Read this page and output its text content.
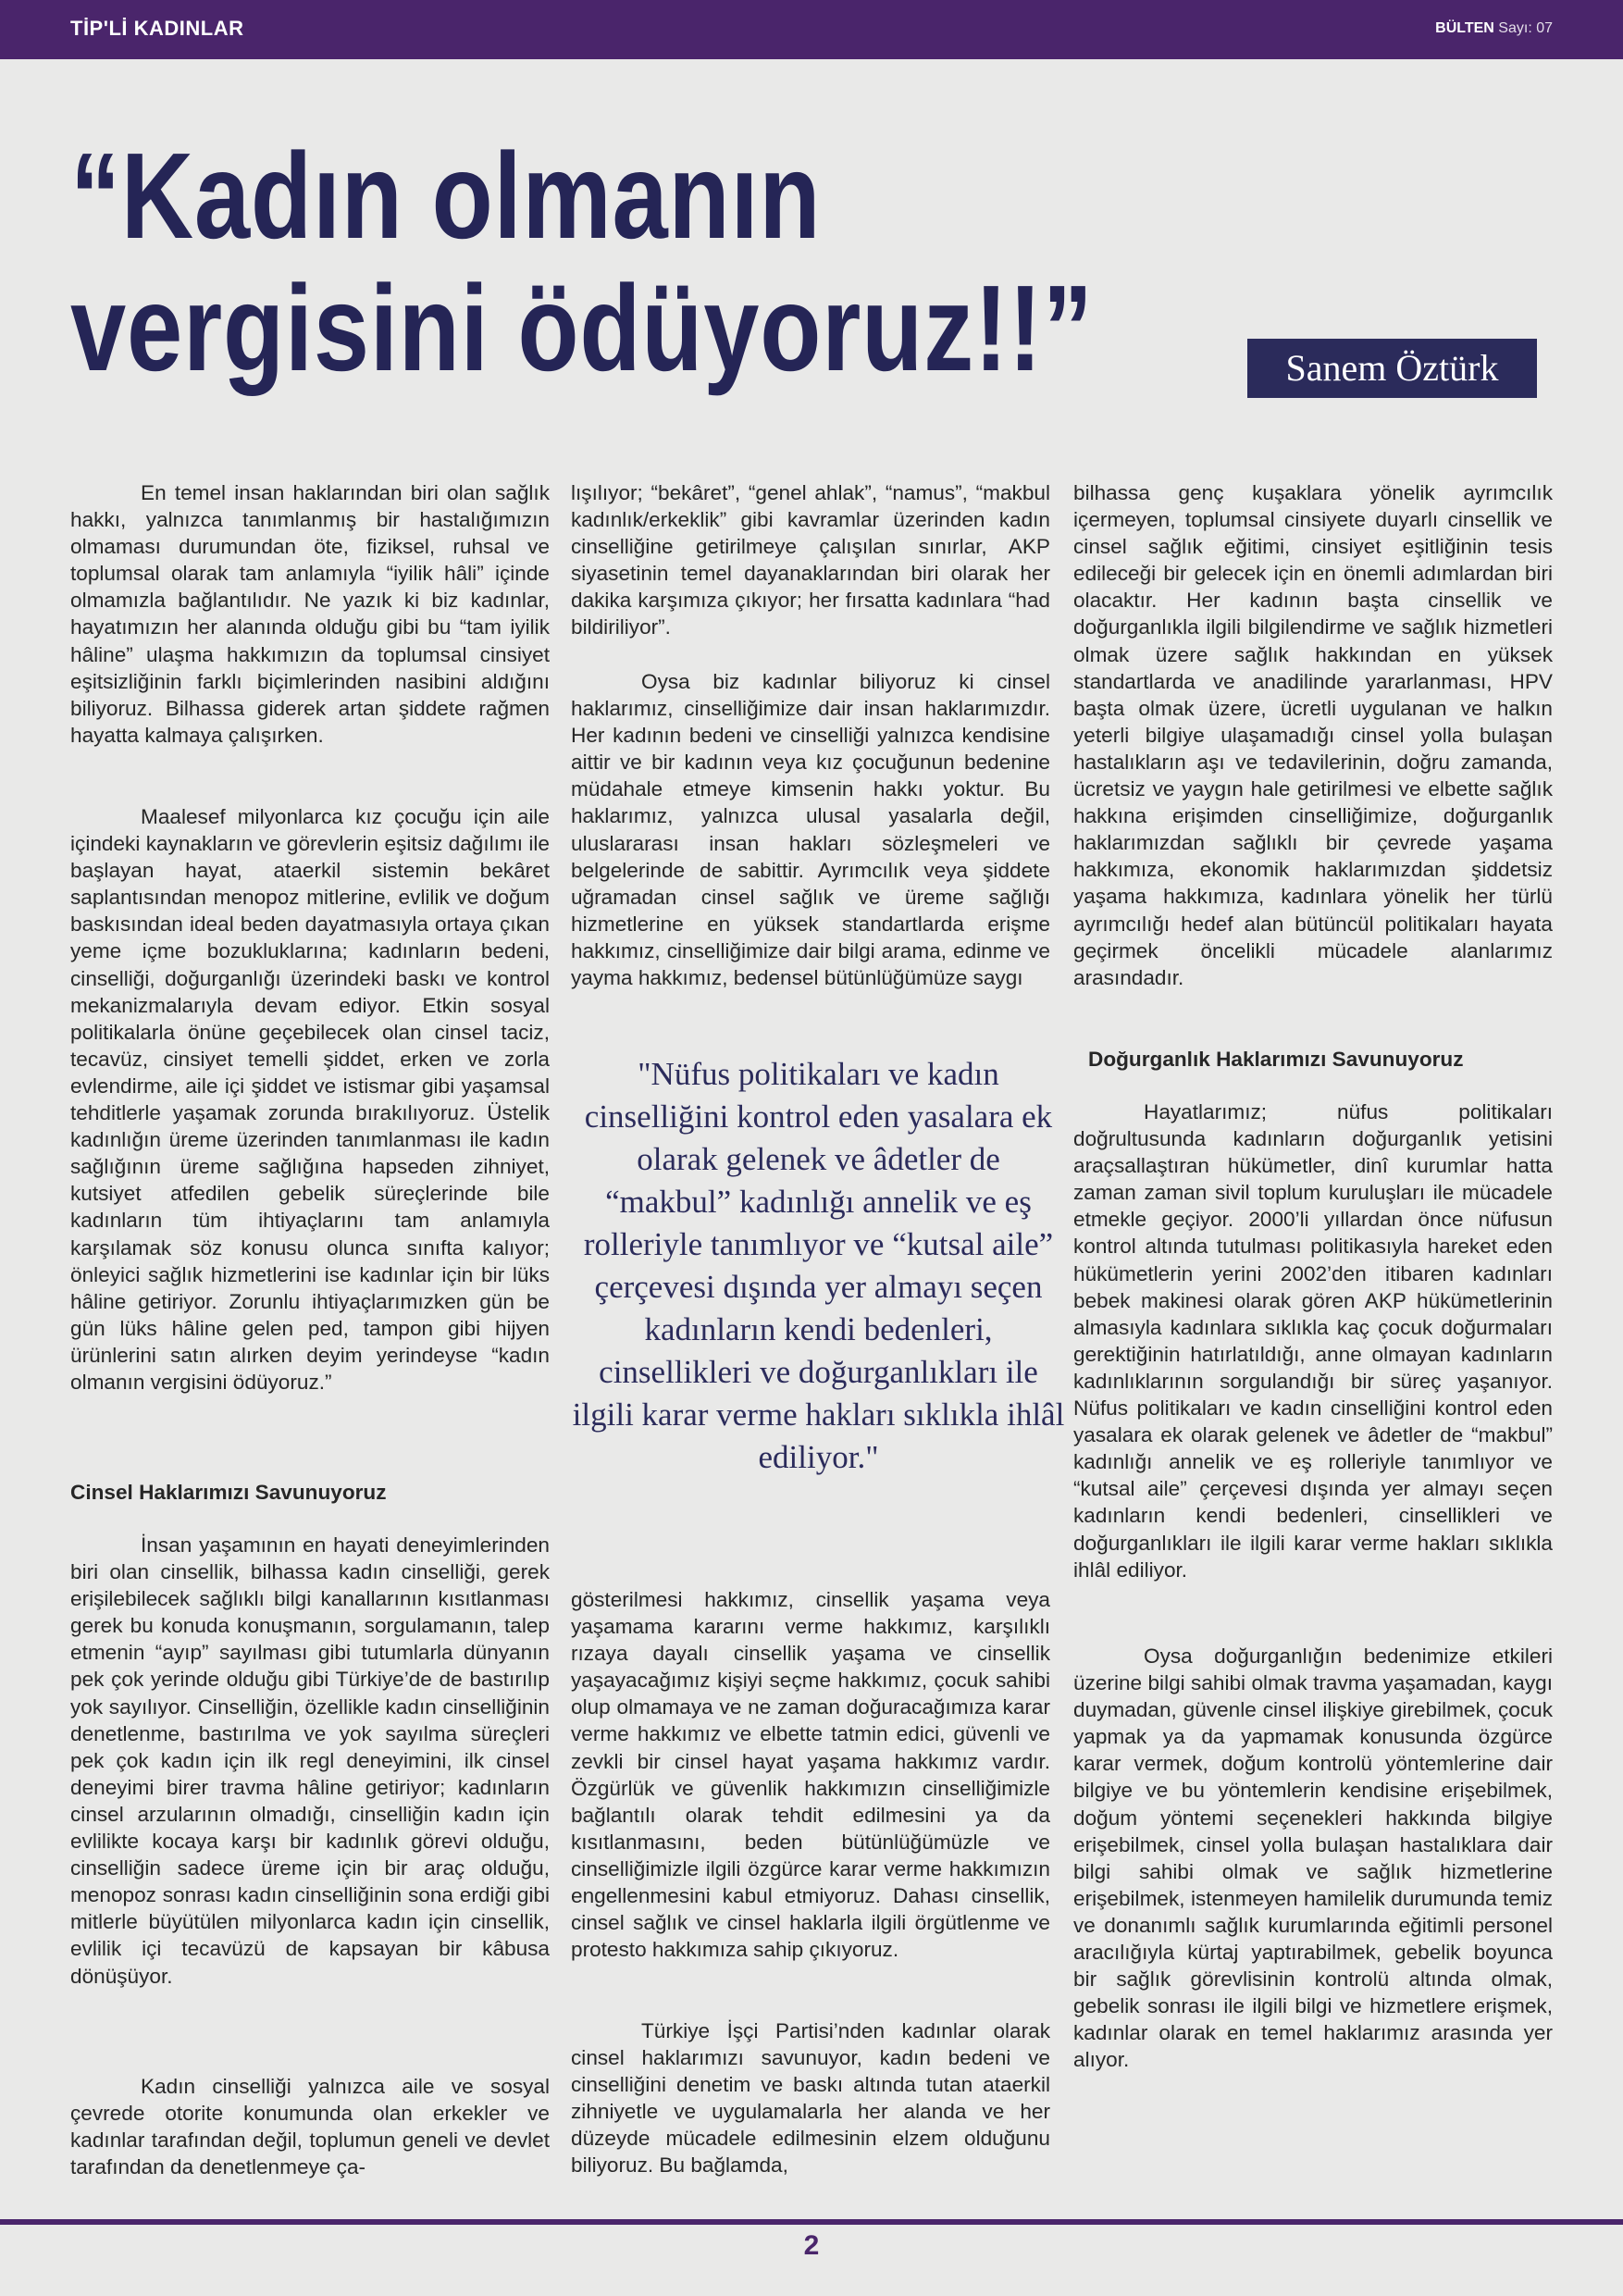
TİP'Lİ KADINLAR	BÜLTEN Sayı: 07
“Kadın olmanın
vergisini ödüyoruz!!”	Sanem Öztürk

En temel insan haklarından biri olan sağlık hakkı, yalnızca tanımlanmış bir hastalığımızın olmaması durumundan öte, fiziksel, ruhsal ve toplumsal olarak tam anlamıyla “iyilik hâli” içinde olmamızla bağlantılıdır. Ne yazık ki biz kadınlar, hayatımızın her alanında olduğu gibi bu “tam iyilik hâline” ulaşma hakkımızın da toplumsal cinsiyet eşitsizliğinin farklı biçimlerinden nasibini aldığını biliyoruz. Bilhassa giderek artan şiddete rağmen hayatta kalmaya çalışırken.

Maalesef milyonlarca kız çocuğu için aile içindeki kaynakların ve görevlerin eşitsiz dağılımı ile başlayan hayat, ataerkil sistemin bekâret saplantısından menopoz mitlerine, evlilik ve doğum baskısından ideal beden dayatmasıyla ortaya çıkan yeme içme bozukluklarına; kadınların bedeni, cinselliği, doğurganlığı üzerindeki baskı ve kontrol mekanizmalarıyla devam ediyor. Etkin sosyal politikalarla önüne geçebilecek olan cinsel taciz, tecavüz, cinsiyet temelli şiddet, erken ve zorla evlendirme, aile içi şiddet ve istismar gibi yaşamsal tehditlerle yaşamak zorunda bırakılıyoruz. Üstelik kadınlığın üreme üzerinden tanımlanması ile kadın sağlığının üreme sağlığına hapseden zihniyet, kutsiyet atfedilen gebelik süreçlerinde bile kadınların tüm ihtiyaçlarını tam anlamıyla karşılamak söz konusu olunca sınıfta kalıyor; önleyici sağlık hizmetlerini ise kadınlar için bir lüks hâline getiriyor. Zorunlu ihtiyaçlarımızken gün be gün lüks hâline gelen ped, tampon gibi hijyen ürünlerini satın alırken deyim yerindeyse “kadın olmanın vergisini ödüyoruz.”

Cinsel Haklarımızı Savunuyoruz

İnsan yaşamının en hayati deneyimlerinden biri olan cinsellik, bilhassa kadın cinselliği, gerek erişilebilecek sağlıklı bilgi kanallarının kısıtlanması gerek bu konuda konuşmanın, sorgulamanın, talep etmenin “ayıp” sayılması gibi tutumlarla dünyanın pek çok yerinde olduğu gibi Türkiye’de de bastırılıp yok sayılıyor. Cinselliğin, özellikle kadın cinselliğinin denetlenme, bastırılma ve yok sayılma süreçleri pek çok kadın için ilk regl deneyimini, ilk cinsel deneyimi birer travma hâline getiriyor; kadınların cinsel arzularının olmadığı, cinselliğin kadın için evlilikte kocaya karşı bir kadınlık görevi olduğu, cinselliğin sadece üreme için bir araç olduğu, menopoz sonrası kadın cinselliğinin sona erdiği gibi mitlerle büyütülen milyonlarca kadın için cinsellik, evlilik içi tecavüzü de kapsayan bir kâbusa dönüşüyor.

Kadın cinselliği yalnızca aile ve sosyal çevrede otorite konumunda olan erkekler ve kadınlar tarafından değil, toplumun geneli ve devlet tarafından da denetlenmeye ça-

lışılıyor; “bekâret”, “genel ahlak”, “namus”, “makbul kadınlık/erkeklik” gibi kavramlar üzerinden kadın cinselliğine getirilmeye çalışılan sınırlar, AKP siyasetinin temel dayanaklarından biri olarak her dakika karşımıza çıkıyor; her fırsatta kadınlara “had bildiriliyor”.

Oysa biz kadınlar biliyoruz ki cinsel haklarımız, cinselliğimize dair insan haklarımızdır. Her kadının bedeni ve cinselliği yalnızca kendisine aittir ve bir kadının veya kız çocuğunun bedenine müdahale etmeye kimsenin hakkı yoktur. Bu haklarımız, yalnızca ulusal yasalarla değil, uluslararası insan hakları sözleşmeleri ve belgelerinde de sabittir. Ayrımcılık veya şiddete uğramadan cinsel sağlık ve üreme sağlığı hizmetlerine en yüksek standartlarda erişme hakkımız, cinselliğimize dair bilgi arama, edinme ve yayma hakkımız, bedensel bütünlüğümüze saygı

"Nüfus politikaları ve kadın cinselliğini kontrol eden yasalara ek olarak gelenek ve âdetler de “makbul” kadınlığı annelik ve eş rolleriyle tanımlıyor ve “kutsal aile” çerçevesi dışında yer almayı seçen kadınların kendi bedenleri, cinsellikleri ve doğurganlıkları ile ilgili karar verme hakları sıklıkla ihlâl ediliyor."

gösterilmesi hakkımız, cinsellik yaşama veya yaşamama kararını verme hakkımız, karşılıklı rızaya dayalı cinsellik yaşama ve cinsellik yaşayacağımız kişiyi seçme hakkımız, çocuk sahibi olup olmamaya ve ne zaman doğuracağımıza karar verme hakkımız ve elbette tatmin edici, güvenli ve zevkli bir cinsel hayat yaşama hakkımız vardır. Özgürlük ve güvenlik hakkımızın cinselliğimizle bağlantılı olarak tehdit edilmesini ya da kısıtlanmasını, beden bütünlüğümüzle ve cinselliğimizle ilgili özgürce karar verme hakkımızın engellenmesini kabul etmiyoruz. Dahası cinsellik, cinsel sağlık ve cinsel haklarla ilgili örgütlenme ve protesto hakkımıza sahip çıkıyoruz.

Türkiye İşçi Partisi’nden kadınlar olarak cinsel haklarımızı savunuyor, kadın bedeni ve cinselliğini denetim ve baskı altında tutan ataerkil zihniyetle ve uygulamalarla her alanda ve her düzeyde mücadele edilmesinin elzem olduğunu biliyoruz. Bu bağlamda,

bilhassa genç kuşaklara yönelik ayrımcılık içermeyen, toplumsal cinsiyete duyarlı cinsellik ve cinsel sağlık eğitimi, cinsiyet eşitliğinin tesis edileceği bir gelecek için en önemli adımlardan biri olacaktır. Her kadının başta cinsellik ve doğurganlıkla ilgili bilgilendirme ve sağlık hizmetleri olmak üzere sağlık hakkından en yüksek standartlarda ve anadilinde yararlanması, HPV başta olmak üzere, ücretli uygulanan ve halkın yeterli bilgiye ulaşamadığı cinsel yolla bulaşan hastalıkların aşı ve tedavilerinin, doğru zamanda, ücretsiz ve yaygın hale getirilmesi ve elbette sağlık hakkına erişimden cinselliğimize, doğurganlık haklarımızdan sağlıklı bir çevrede yaşama hakkımıza, ekonomik haklarımızdan şiddetsiz yaşama hakkımıza, kadınlara yönelik her türlü ayrımcılığı hedef alan bütüncül politikaları hayata geçirmek öncelikli mücadele alanlarımız arasındadır.

Doğurganlık Haklarımızı Savunuyoruz

Hayatlarımız; nüfus politikaları doğrultusunda kadınların doğurganlık yetisini araçsallaştıran hükümetler, dinî kurumlar hatta zaman zaman sivil toplum kuruluşları ile mücadele etmekle geçiyor. 2000’li yıllardan önce nüfusun kontrol altında tutulması politikasıyla hareket eden hükümetlerin yerini 2002’den itibaren kadınları bebek makinesi olarak gören AKP hükümetlerinin almasıyla kadınlara sıklıkla kaç çocuk doğurmaları gerektiğinin hatırlatıldığı, anne olmayan kadınların kadınlıklarının sorgulandığı bir süreç yaşanıyor. Nüfus politikaları ve kadın cinselliğini kontrol eden yasalara ek olarak gelenek ve âdetler de “makbul” kadınlığı annelik ve eş rolleriyle tanımlıyor ve “kutsal aile” çerçevesi dışında yer almayı seçen kadınların kendi bedenleri, cinsellikleri ve doğurganlıkları ile ilgili karar verme hakları sıklıkla ihlâl ediliyor.

Oysa doğurganlığın bedenimize etkileri üzerine bilgi sahibi olmak travma yaşamadan, kaygı duymadan, güvenle cinsel ilişkiye girebilmek, çocuk yapmak ya da yapmamak konusunda özgürce karar vermek, doğum kontrolü yöntemlerine dair bilgiye ve bu yöntemlerin kendisine erişebilmek, doğum yöntemi seçenekleri hakkında bilgiye erişebilmek, cinsel yolla bulaşan hastalıklara dair bilgi sahibi olmak ve sağlık hizmetlerine erişebilmek, istenmeyen hamilelik durumunda temiz ve donanımlı sağlık kurumlarında eğitimli personel aracılığıyla kürtaj yaptırabilmek, gebelik boyunca bir sağlık görevlisinin kontrolü altında olmak, gebelik sonrası ile ilgili bilgi ve hizmetlere erişmek, kadınlar olarak en temel haklarımız arasında yer alıyor.

2
